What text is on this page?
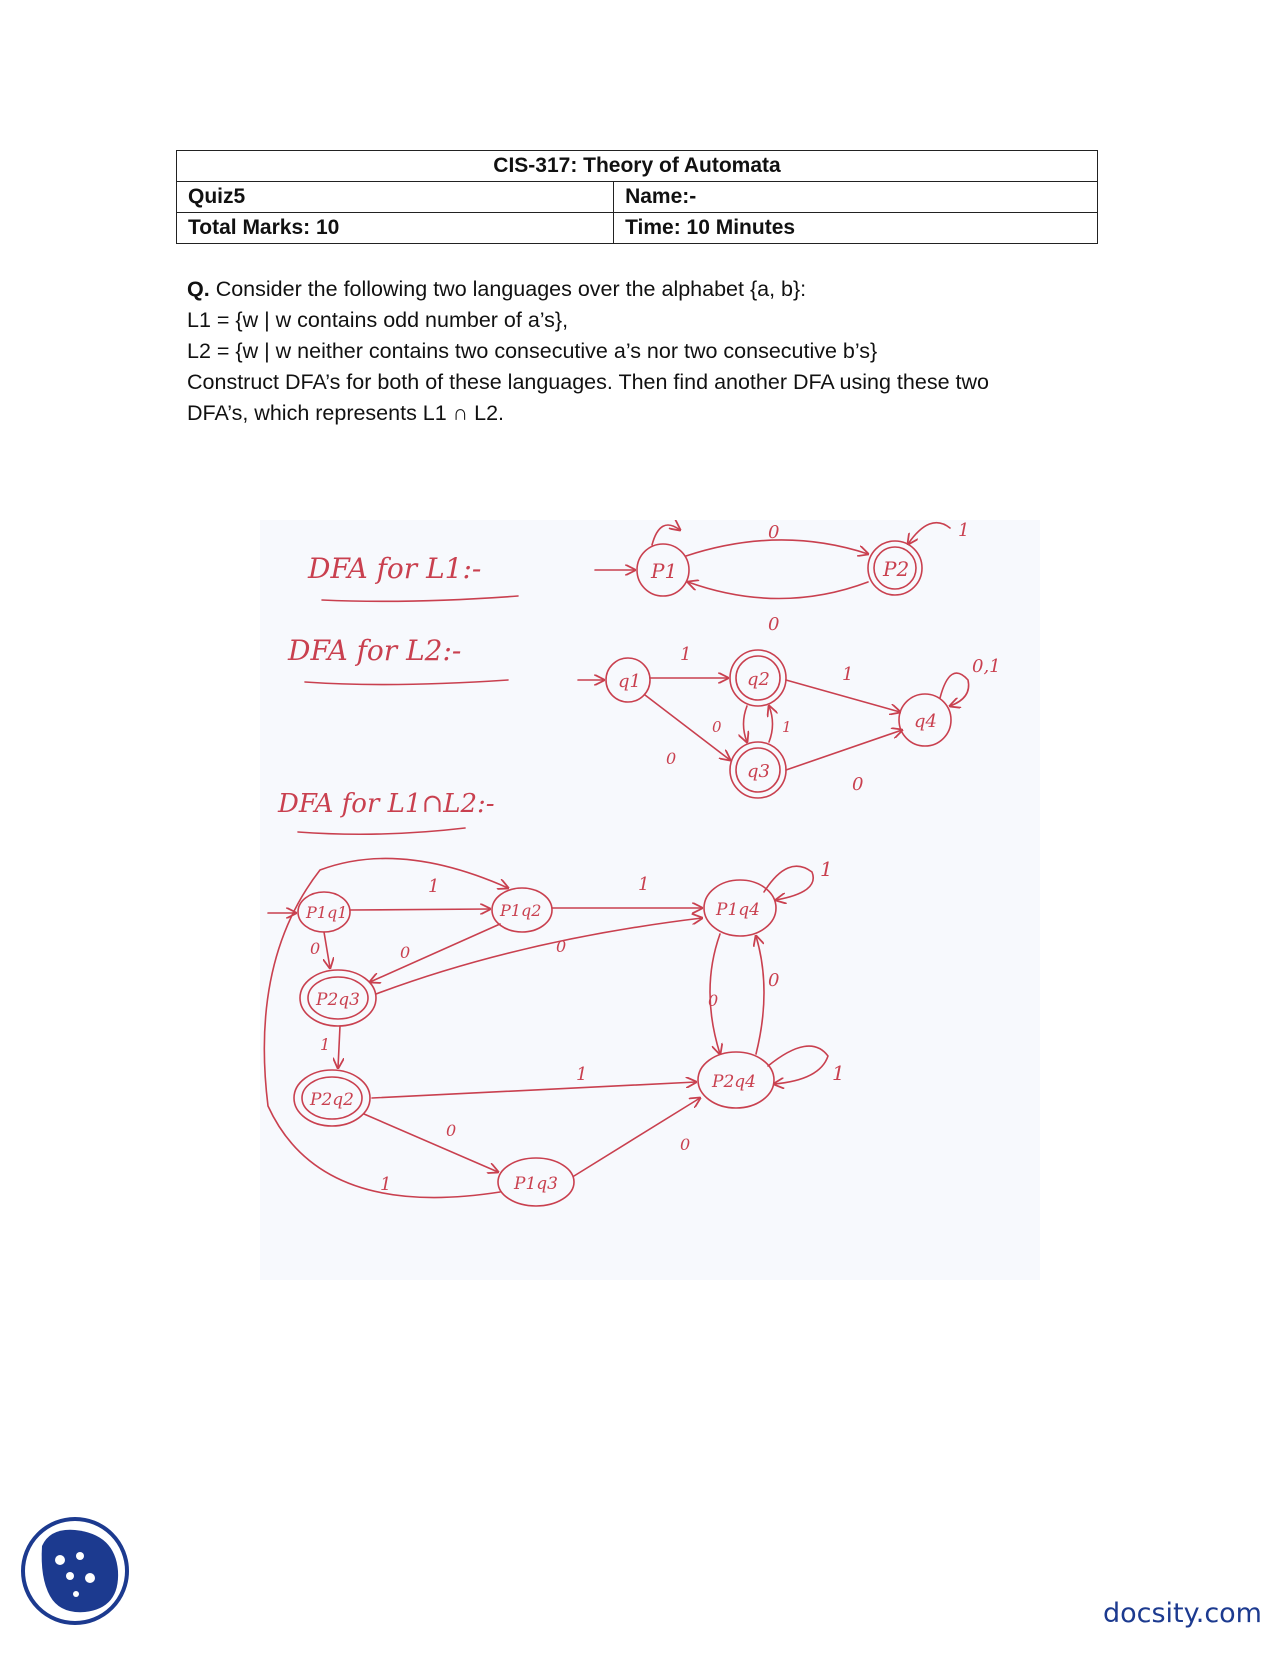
CIS-317: Theory of Automata	
Quiz5	Name:-
Total Marks: 10	Time: 10 Minutes

Q. Consider the following two languages over the alphabet {a, b}:

L1 = {w | w contains odd number of a’s},

L2 = {w | w neither contains two consecutive a’s nor two consecutive b’s}

Construct DFA’s for both of these languages. Then find another DFA using these two

DFA’s, which represents L1 ∩ L2.

DFA for L1:-	P1	P2
1
0
0
DFA for L2:-
q1	q2
q3
q4
1
0
0	1
1
0
0,1
DFA for L1∩L2:-
P1q1	P1q2	P1q4
P2q3
P2q2
P2q4
P1q3
1
0	0
1
0
1
1
0
0
0
0
1
1
1
docsity.com
